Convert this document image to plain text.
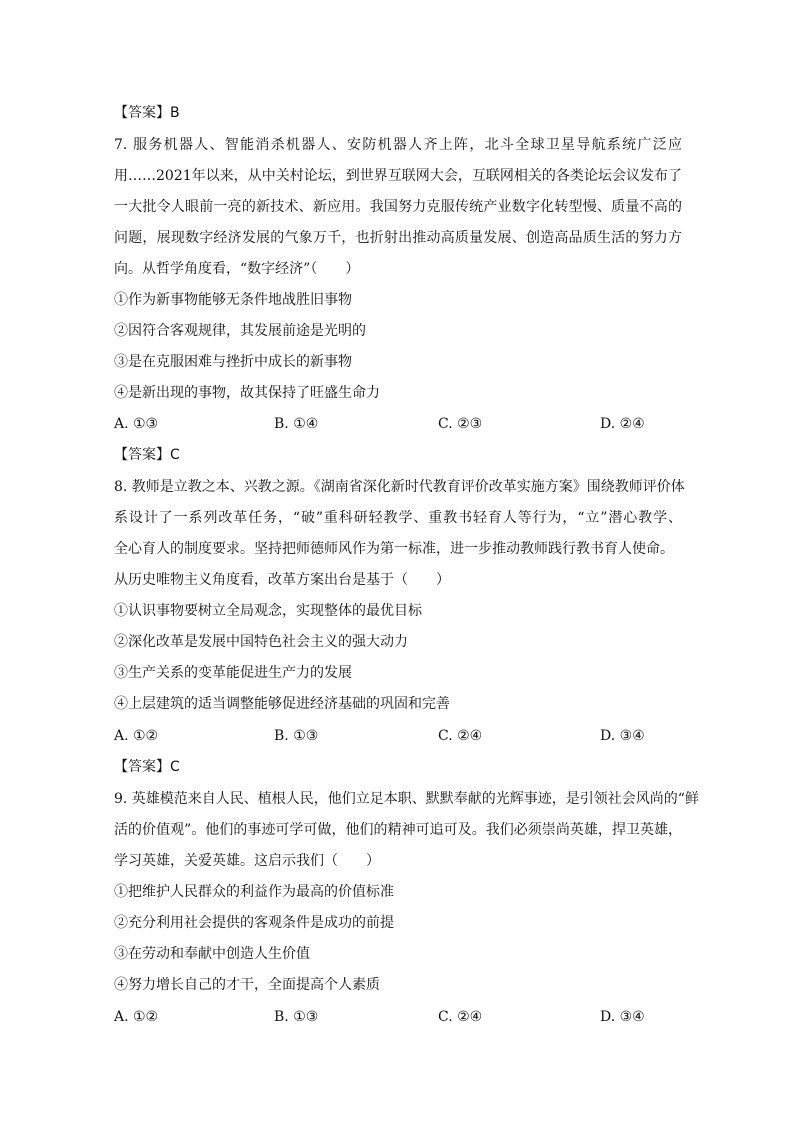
【答案】B
7. 服务机器人、智能消杀机器人、安防机器人齐上阵，北斗全球卫星导航系统广泛应
用……2021年以来，从中关村论坛，到世界互联网大会，互联网相关的各类论坛会议发布了
一大批令人眼前一亮的新技术、新应用。我国努力克服传统产业数字化转型慢、质量不高的
问题，展现数字经济发展的气象万千，也折射出推动高质量发展、创造高品质生活的努力方
向。从哲学角度看，“数字经济”（　　）
①作为新事物能够无条件地战胜旧事物
②因符合客观规律，其发展前途是光明的
③是在克服困难与挫折中成长的新事物
④是新出现的事物，故其保持了旺盛生命力
A. ①③	B. ①④	C. ②③	D. ②④
【答案】C
8. 教师是立教之本、兴教之源。《湖南省深化新时代教育评价改革实施方案》围绕教师评价体
系设计了一系列改革任务，“破”重科研轻教学、重教书轻育人等行为，“立”潜心教学、
全心育人的制度要求。坚持把师德师风作为第一标准，进一步推动教师践行教书育人使命。
从历史唯物主义角度看，改革方案出台是基于（　　）
①认识事物要树立全局观念，实现整体的最优目标
②深化改革是发展中国特色社会主义的强大动力
③生产关系的变革能促进生产力的发展
④上层建筑的适当调整能够促进经济基础的巩固和完善
A. ①②	B. ①③	C. ②④	D. ③④
【答案】C
9. 英雄模范来自人民、植根人民，他们立足本职、默默奉献的光辉事迹，是引领社会风尚的“鲜
活的价值观”。他们的事迹可学可做，他们的精神可追可及。我们必须崇尚英雄，捍卫英雄，
学习英雄，关爱英雄。这启示我们（　　）
①把维护人民群众的利益作为最高的价值标准
②充分利用社会提供的客观条件是成功的前提
③在劳动和奉献中创造人生价值
④努力增长自己的才干，全面提高个人素质
A. ①②	B. ①③	C. ②④	D. ③④
